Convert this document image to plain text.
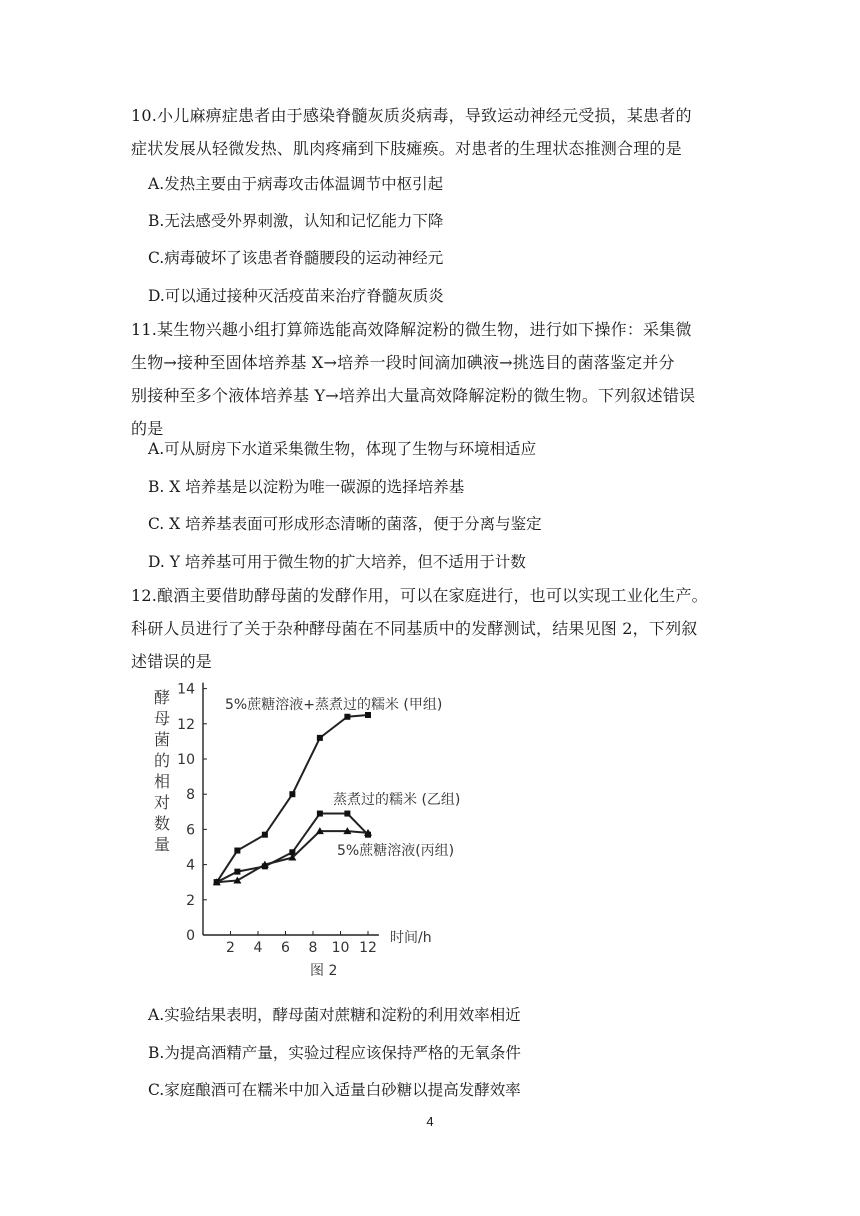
10.小儿麻痹症患者由于感染脊髓灰质炎病毒，导致运动神经元受损，某患者的
症状发展从轻微发热、肌肉疼痛到下肢瘫痪。对患者的生理状态推测合理的是
A.发热主要由于病毒攻击体温调节中枢引起
B.无法感受外界刺激，认知和记忆能力下降
C.病毒破坏了该患者脊髓腰段的运动神经元
D.可以通过接种灭活疫苗来治疗脊髓灰质炎
11.某生物兴趣小组打算筛选能高效降解淀粉的微生物，进行如下操作：采集微
生物→接种至固体培养基 X→培养一段时间滴加碘液→挑选目的菌落鉴定并分
别接种至多个液体培养基 Y→培养出大量高效降解淀粉的微生物。下列叙述错误
的是
A.可从厨房下水道采集微生物，体现了生物与环境相适应
B. X 培养基是以淀粉为唯一碳源的选择培养基
C. X 培养基表面可形成形态清晰的菌落，便于分离与鉴定
D. Y 培养基可用于微生物的扩大培养，但不适用于计数
12.酿酒主要借助酵母菌的发酵作用，可以在家庭进行，也可以实现工业化生产。
科研人员进行了关于杂种酵母菌在不同基质中的发酵测试，结果见图 2，下列叙
述错误的是
酵
母
菌
的
相
对
数
量
0
2
4
6
8
10
12
14
2 4 6 8 10 12
5%蔗糖溶液+蒸煮过的糯米 (甲组)
蒸煮过的糯米 (乙组)
5%蔗糖溶液(丙组)
时间/h
图 2
A.实验结果表明，酵母菌对蔗糖和淀粉的利用效率相近
B.为提高酒精产量，实验过程应该保持严格的无氧条件
C.家庭酿酒可在糯米中加入适量白砂糖以提高发酵效率
4
